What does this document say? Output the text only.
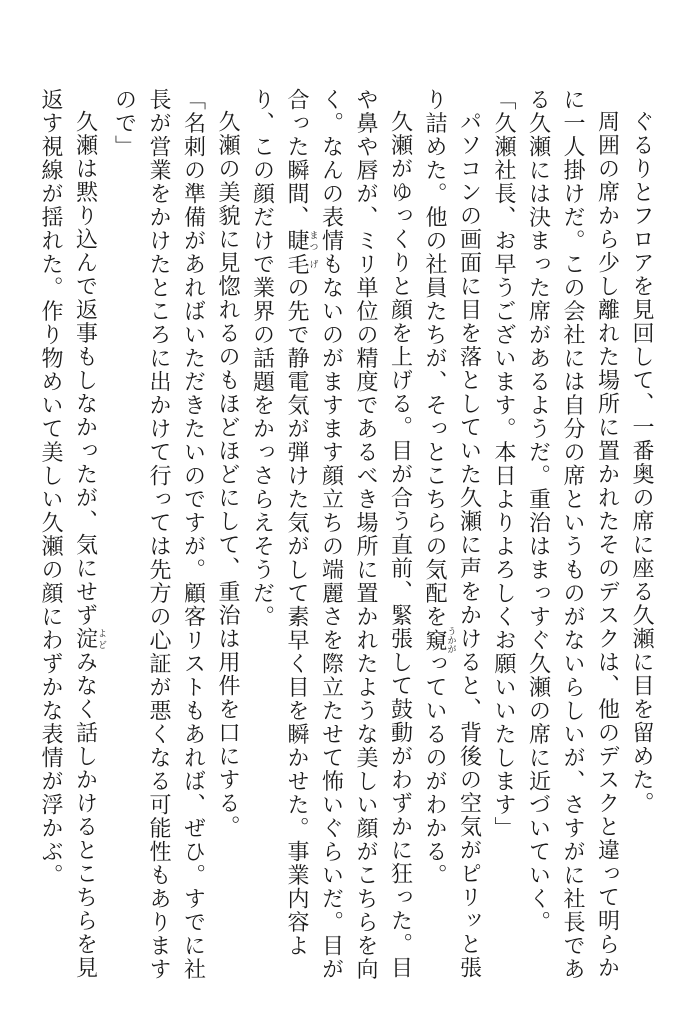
ぐるりとフロアを見回して、一番奥の席に座る久瀬に目を留めた。

周囲の席から少し離れた場所に置かれたそのデスクは、他のデスクと違って明らかに一人掛けだ。この会社には自分の席というものがないらしいが、さすがに社長である久瀬には決まった席があるようだ。重治はまっすぐ久瀬の席に近づいていく。

「久瀬社長、お早うございます。本日よりよろしくお願いいたします」

パソコンの画面に目を落としていた久瀬に声をかけると、背後の空気がピリッと張り詰めた。他の社員たちが、そっとこちらの気配を窺うかがっているのがわかる。

久瀬がゆっくりと顔を上げる。目が合う直前、緊張して鼓動がわずかに狂った。目や鼻や唇が、ミリ単位の精度であるべき場所に置かれたような美しい顔がこちらを向く。なんの表情もないのがますます顔立ちの端麗さを際立たせて怖いぐらいだ。目が合った瞬間、睫まつ毛げの先で静電気が弾けた気がして素早く目を瞬かせた。事業内容より、この顔だけで業界の話題をかっさらえそうだ。

久瀬の美貌に見惚れるのもほどほどにして、重治は用件を口にする。

「名刺の準備があればいただきたいのですが。顧客リストもあれば、ぜひ。すでに社長が営業をかけたところに出かけて行っては先方の心証が悪くなる可能性もありますので」

久瀬は黙り込んで返事もしなかったが、気にせず淀よどみなく話しかけるとこちらを見返す視線が揺れた。作り物めいて美しい久瀬の顔にわずかな表情が浮かぶ。
